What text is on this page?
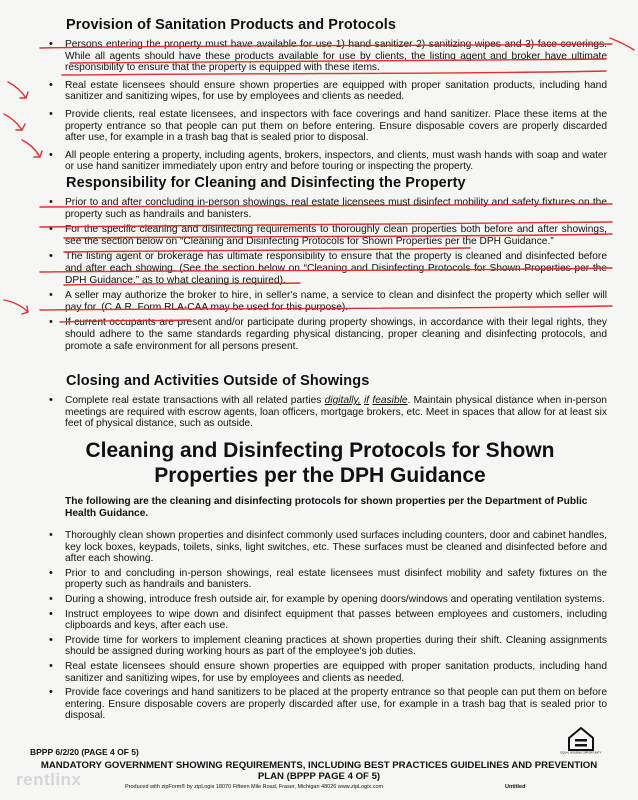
Provision of Sanitation Products and Protocols
• Persons entering the property must have available for use 1) hand sanitizer 2) sanitizing wipes and 3) face coverings. While all agents should have these products available for use by clients, the listing agent and broker have ultimate responsibility to ensure that the property is equipped with these items.
• Real estate licensees should ensure shown properties are equipped with proper sanitation products, including hand sanitizer and sanitizing wipes, for use by employees and clients as needed.
• Provide clients, real estate licensees, and inspectors with face coverings and hand sanitizer. Place these items at the property entrance so that people can put them on before entering. Ensure disposable covers are properly discarded after use, for example in a trash bag that is sealed prior to disposal.
• All people entering a property, including agents, brokers, inspectors, and clients, must wash hands with soap and water or use hand sanitizer immediately upon entry and before touring or inspecting the property.
Responsibility for Cleaning and Disinfecting the Property
• Prior to and after concluding in-person showings, real estate licensees must disinfect mobility and safety fixtures on the property such as handrails and banisters.
• For the specific cleaning and disinfecting requirements to thoroughly clean properties both before and after showings, see the section below on “Cleaning and Disinfecting Protocols for Shown Properties per the DPH Guidance.”
• The listing agent or brokerage has ultimate responsibility to ensure that the property is cleaned and disinfected before and after each showing. (See the section below on “Cleaning and Disinfecting Protocols for Shown Properties per the DPH Guidance.” as to what cleaning is required).
• A seller may authorize the broker to hire, in seller's name, a service to clean and disinfect the property which seller will pay for. (C.A.R. Form RLA-CAA may be used for this purpose).
• If current occupants are present and/or participate during property showings, in accordance with their legal rights, they should adhere to the same standards regarding physical distancing, proper cleaning and disinfecting protocols, and promote a safe environment for all persons present.
Closing and Activities Outside of Showings
• Complete real estate transactions with all related parties digitally, if feasible. Maintain physical distance when in-person meetings are required with escrow agents, loan officers, mortgage brokers, etc. Meet in spaces that allow for at least six feet of physical distance, such as outside.
Cleaning and Disinfecting Protocols for Shown Properties per the DPH Guidance

The following are the cleaning and disinfecting protocols for shown properties per the Department of Public Health Guidance.

• Thoroughly clean shown properties and disinfect commonly used surfaces including counters, door and cabinet handles, key lock boxes, keypads, toilets, sinks, light switches, etc. These surfaces must be cleaned and disinfected before and after each showing.
• Prior to and concluding in-person showings, real estate licensees must disinfect mobility and safety fixtures on the property such as handrails and banisters.
• During a showing, introduce fresh outside air, for example by opening doors/windows and operating ventilation systems.
• Instruct employees to wipe down and disinfect equipment that passes between employees and customers, including clipboards and keys, after each use.
• Provide time for workers to implement cleaning practices at shown properties during their shift. Cleaning assignments should be assigned during working hours as part of the employee's job duties.
• Real estate licensees should ensure shown properties are equipped with proper sanitation products, including hand sanitizer and sanitizing wipes, for use by employees and clients as needed.
• Provide face coverings and hand sanitizers to be placed at the property entrance so that people can put them on before entering. Ensure disposable covers are properly discarded after use, for example in a trash bag that is sealed prior to disposal.
BPPP 6/2/20 (PAGE 4 OF 5)	EQUAL HOUSING OPPORTUNITY

MANDATORY GOVERNMENT SHOWING REQUIREMENTS, INCLUDING BEST PRACTICES GUIDELINES AND PREVENTION PLAN (BPPP PAGE 4 OF 5)

Produced with zipForm® by zipLogix 18070 Fifteen Mile Road, Fraser, Michigan 48026 www.zipLogix.com	Untitled
rentlinx
